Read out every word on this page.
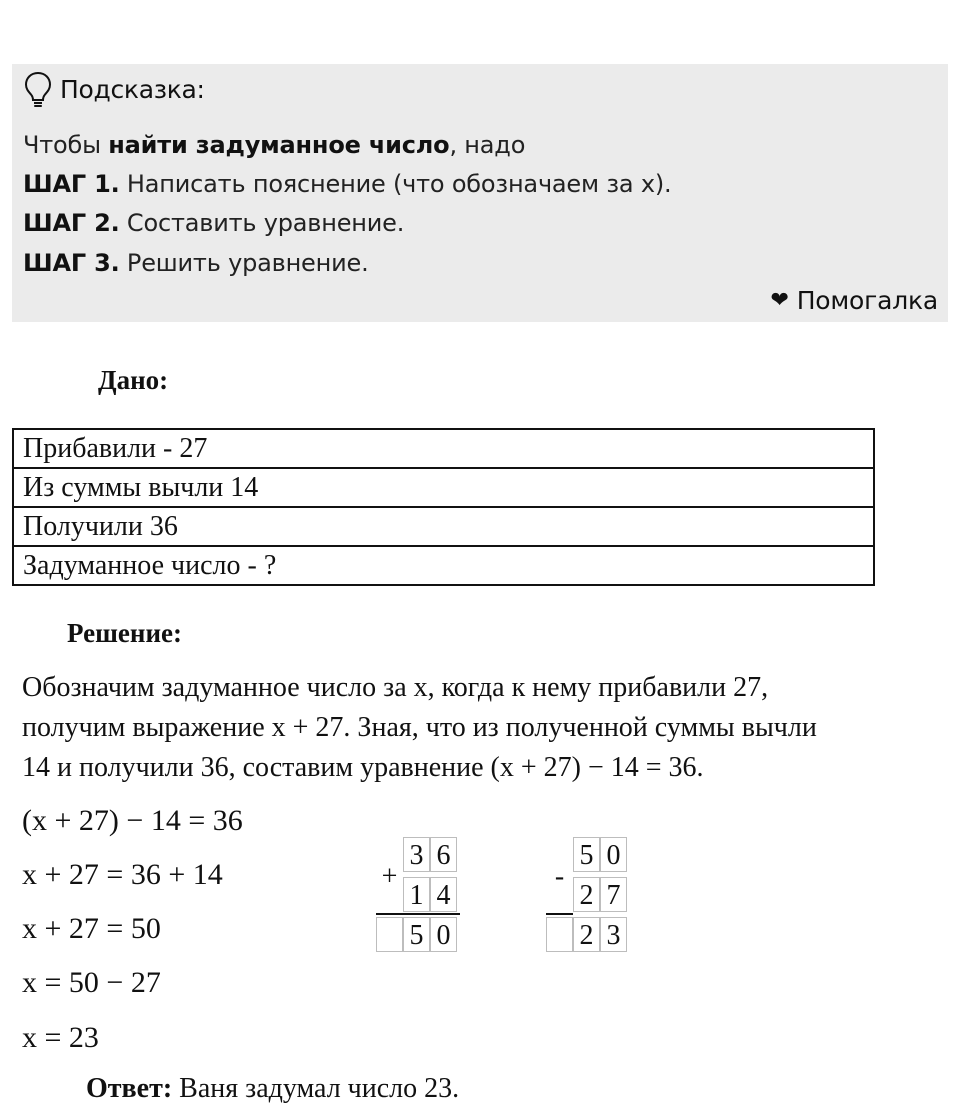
Подсказка:
Чтобы найти задуманное число, надо
ШАГ 1. Написать пояснение (что обозначаем за x).
ШАГ 2. Составить уравнение.
ШАГ 3. Решить уравнение.
❤ Помогалка
Дано:
Прибавили - 27
Из суммы вычли 14
Получили 36
Задуманное число - ?
Решение:
Обозначим задуманное число за x, когда к нему прибавили 27,
получим выражение x + 27. Зная, что из полученной суммы вычли
14 и получили 36, составим уравнение (x + 27) − 14 = 36.
(x + 27) − 14 = 36
x + 27 = 36 + 14
x + 27 = 50
x = 50 − 27
x = 23
+
3 6
1 4
5 0
-
5 0
2 7
2 3
Ответ: Ваня задумал число 23.
